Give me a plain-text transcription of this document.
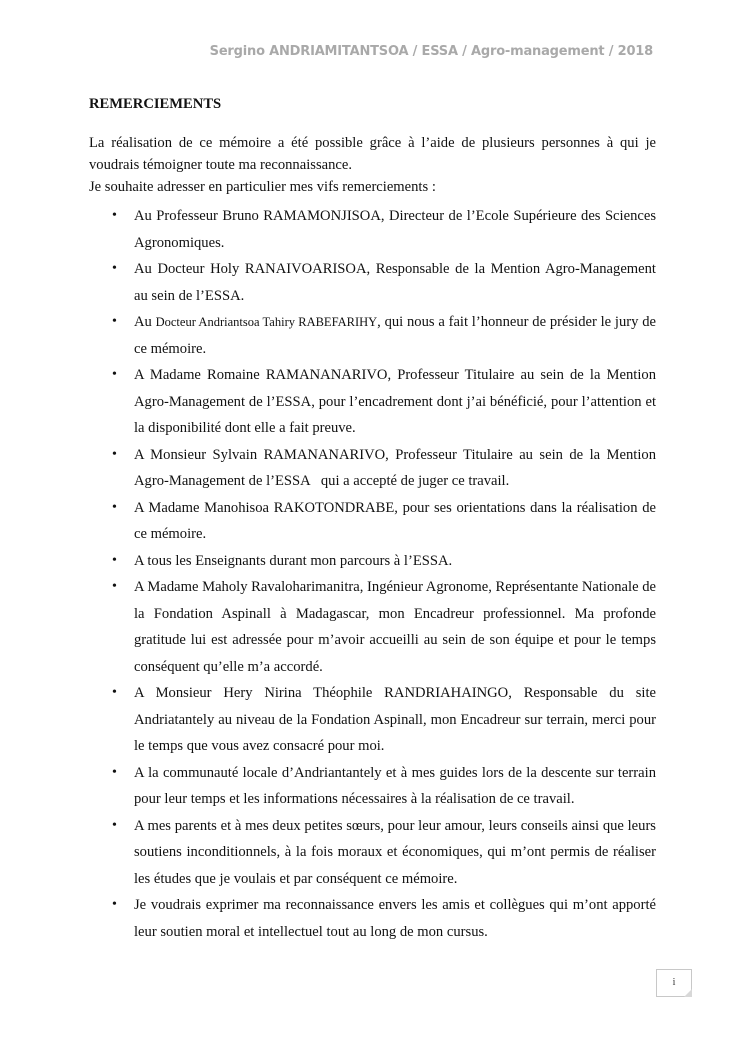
Sergino ANDRIAMITANTSOA / ESSA / Agro-management / 2018
REMERCIEMENTS

La réalisation de ce mémoire a été possible grâce à l’aide de plusieurs personnes à qui je voudrais témoigner toute ma reconnaissance.

Je souhaite adresser en particulier mes vifs remerciements :

• Au Professeur Bruno RAMAMONJISOA, Directeur de l’Ecole Supérieure des Sciences Agronomiques.
• Au Docteur Holy RANAIVOARISOA, Responsable de la Mention Agro-Management au sein de l’ESSA.
• Au Docteur Andriantsoa Tahiry RABEFARIHY, qui nous a fait l’honneur de présider le jury de ce mémoire.
• A Madame Romaine RAMANANARIVO, Professeur Titulaire au sein de la Mention Agro-Management de l’ESSA, pour l’encadrement dont j’ai bénéficié, pour l’attention et la disponibilité dont elle a fait preuve.
• A Monsieur Sylvain RAMANANARIVO, Professeur Titulaire au sein de la Mention Agro-Management de l’ESSA   qui a accepté de juger ce travail.
• A Madame Manohisoa RAKOTONDRABE, pour ses orientations dans la réalisation de ce mémoire.
• A tous les Enseignants durant mon parcours à l’ESSA.
• A Madame Maholy Ravaloharimanitra, Ingénieur Agronome, Représentante Nationale de la Fondation Aspinall à Madagascar, mon Encadreur professionnel. Ma profonde gratitude lui est adressée pour m’avoir accueilli au sein de son équipe et pour le temps conséquent qu’elle m’a accordé.
• A Monsieur Hery Nirina Théophile RANDRIAHAINGO, Responsable du site Andriatantely au niveau de la Fondation Aspinall, mon Encadreur sur terrain, merci pour le temps que vous avez consacré pour moi.
• A la communauté locale d’Andriantantely et à mes guides lors de la descente sur terrain pour leur temps et les informations nécessaires à la réalisation de ce travail.
• A mes parents et à mes deux petites sœurs, pour leur amour, leurs conseils ainsi que leurs soutiens inconditionnels, à la fois moraux et économiques, qui m’ont permis de réaliser les études que je voulais et par conséquent ce mémoire.
• Je voudrais exprimer ma reconnaissance envers les amis et collègues qui m’ont apporté leur soutien moral et intellectuel tout au long de mon cursus.
i
